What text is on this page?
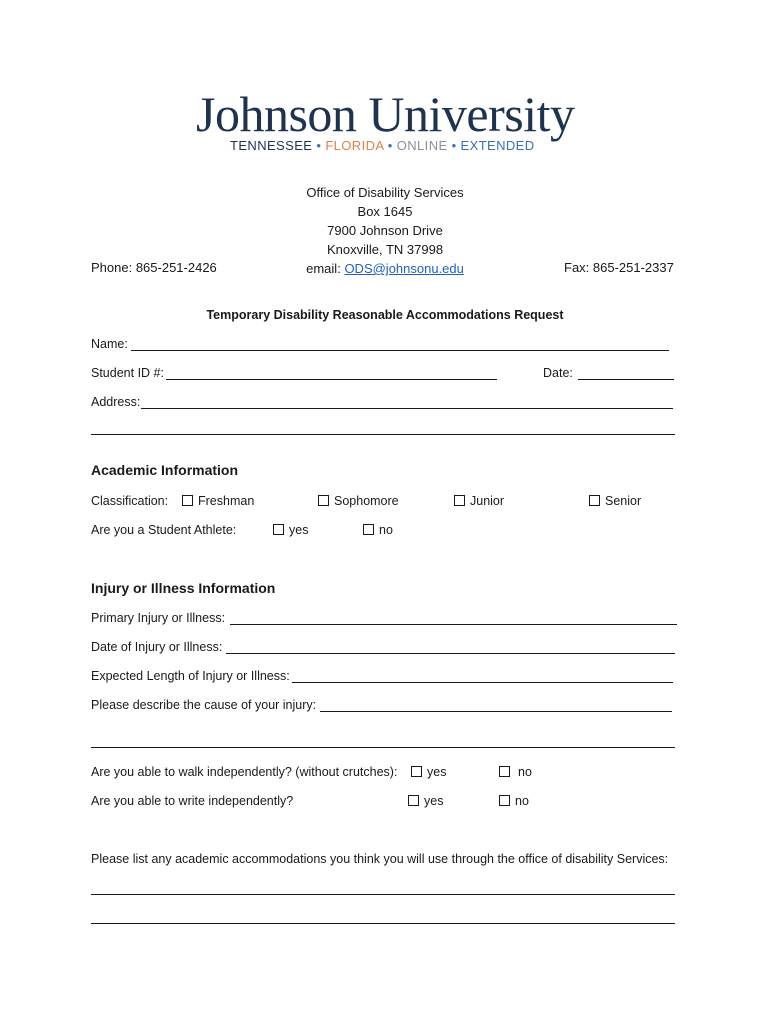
Johnson University
TENNESSEE • FLORIDA • ONLINE • EXTENDED
Office of Disability Services
Box 1645
7900 Johnson Drive
Knoxville, TN 37998
email: ODS@johnsonu.edu
Phone: 865-251-2426	Fax: 865-251-2337
Temporary Disability Reasonable Accommodations Request
Name:
Student ID #:	Date:
Address:
Academic Information
Classification:	Freshman	Sophomore	Junior	Senior
Are you a Student Athlete:	yes	no
Injury or Illness Information
Primary Injury or Illness:
Date of Injury or Illness:
Expected Length of Injury or Illness:
Please describe the cause of your injury:
Are you able to walk independently? (without crutches):	yes	no
Are you able to write independently?	yes	no
Please list any academic accommodations you think you will use through the office of disability Services:
